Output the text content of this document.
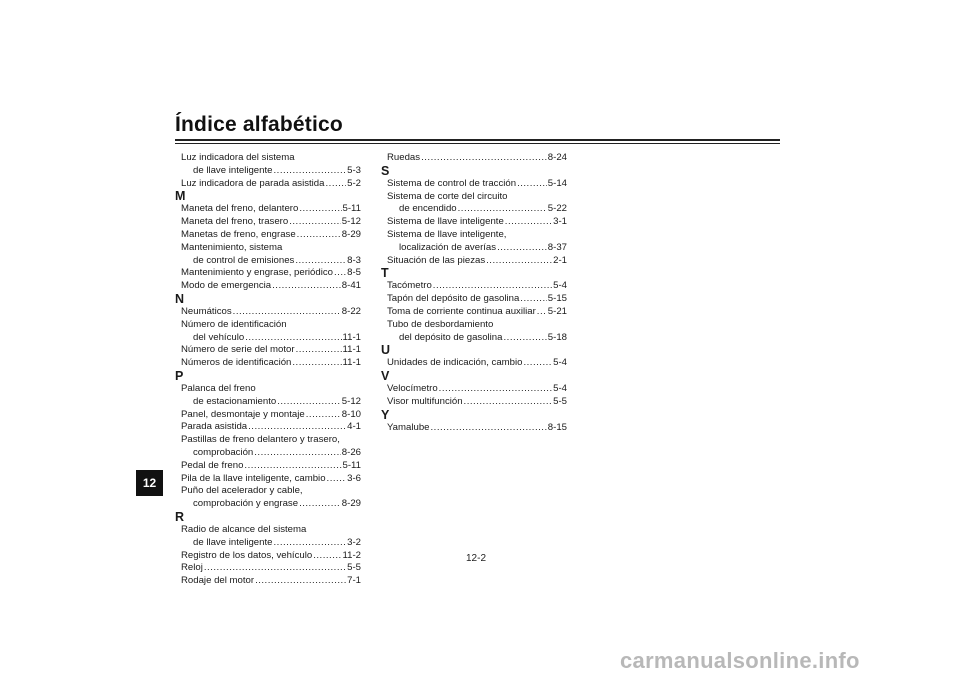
Índice alfabético
12
Luz indicadora del sistema
de llave inteligente .....	5-3
Luz indicadora de parada asistida ..... 5-2
M
Maneta del freno, delantero .....	5-11
Maneta del freno, trasero .....	5-12
Manetas de freno, engrase .....	8-29
Mantenimiento, sistema
de control de emisiones .....	8-3
Mantenimiento y engrase, periódico ..... 8-5
Modo de emergencia .....	8-41
N
Neumáticos .....	8-22
Número de identificación
del vehículo .....	11-1
Número de serie del motor .....	11-1
Números de identificación .....	11-1
P
Palanca del freno
de estacionamiento .....	5-12
Panel, desmontaje y montaje .....	8-10
Parada asistida .....	4-1
Pastillas de freno delantero y trasero,
comprobación .....	8-26
Pedal de freno .....	5-11
Pila de la llave inteligente, cambio ..... 3-6
Puño del acelerador y cable,
comprobación y engrase .....	8-29
R
Radio de alcance del sistema
de llave inteligente .....	3-2
Registro de los datos, vehículo .....	11-2
Reloj .....	5-5
Rodaje del motor .....	7-1
Ruedas .....	8-24
S
Sistema de control de tracción .....	5-14
Sistema de corte del circuito
de encendido .....	5-22
Sistema de llave inteligente .....	3-1
Sistema de llave inteligente,
localización de averías .....	8-37
Situación de las piezas .....	2-1
T
Tacómetro .....	5-4
Tapón del depósito de gasolina .....	5-15
Toma de corriente continua auxiliar ..... 5-21
Tubo de desbordamiento
del depósito de gasolina .....	5-18
U
Unidades de indicación, cambio .....	5-4
V
Velocímetro .....	5-4
Visor multifunción .....	5-5
Y
Yamalube .....	8-15
12-2
carmanualsonline.info
